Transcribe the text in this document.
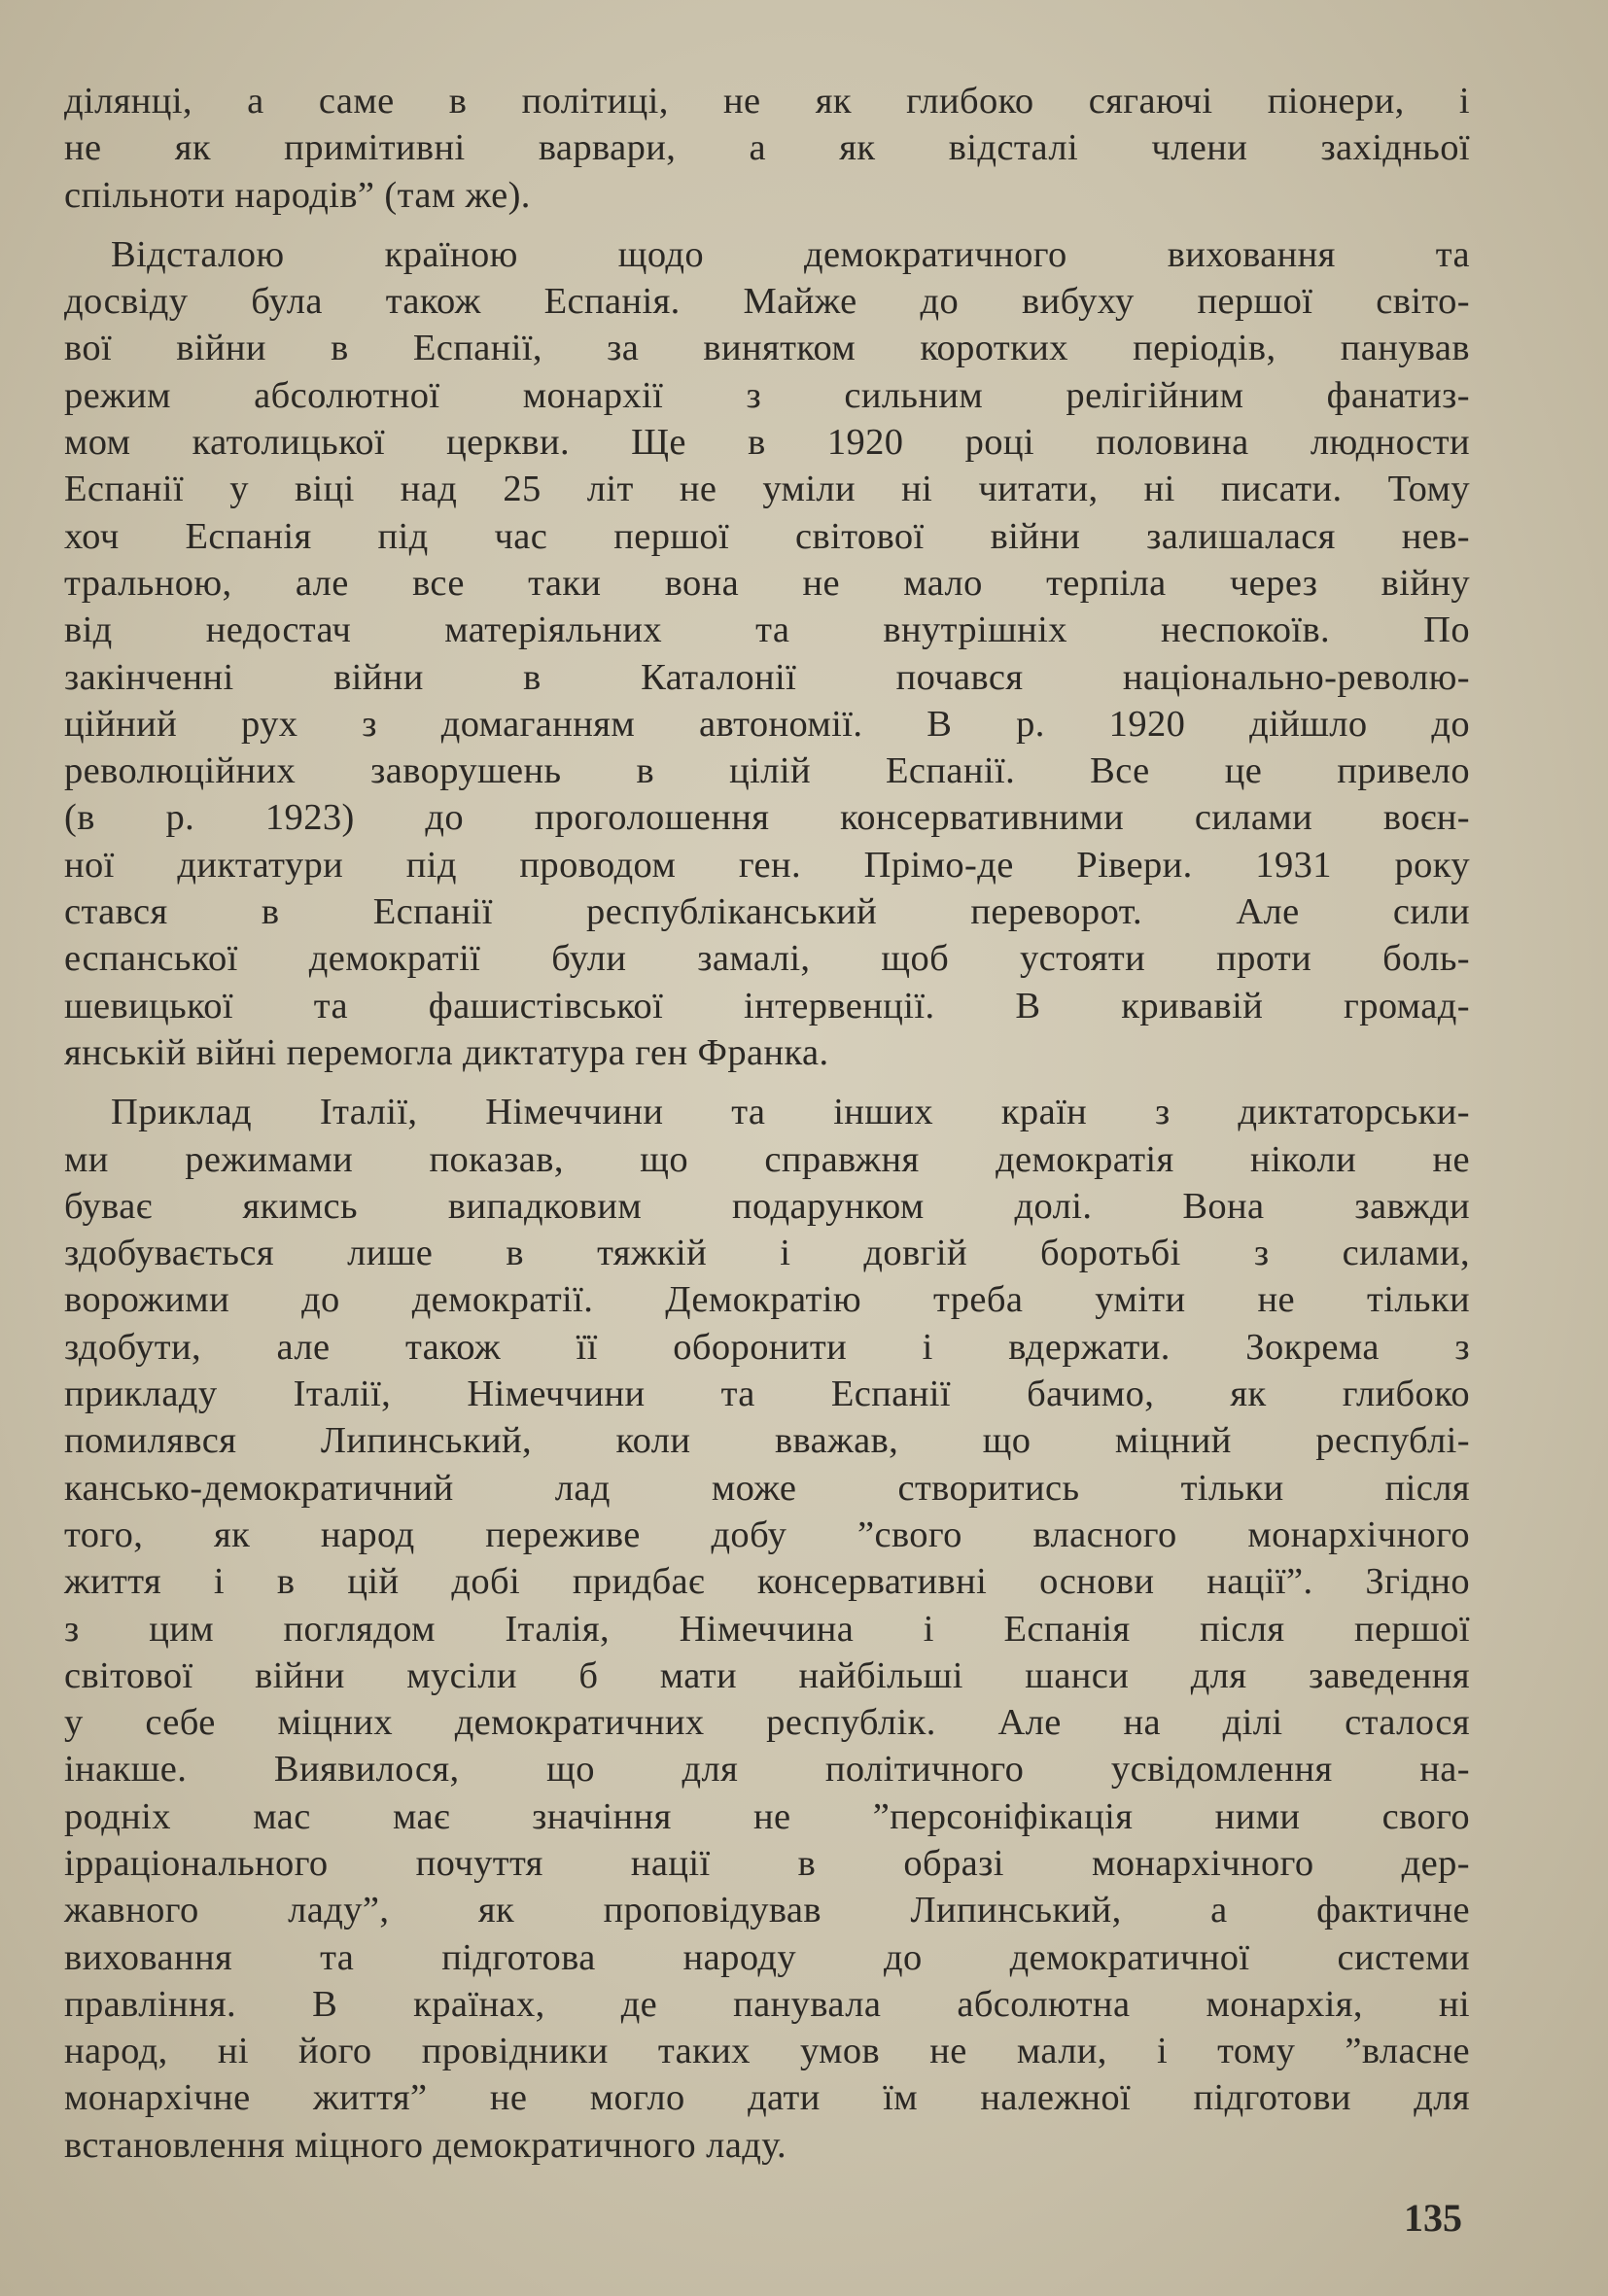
ділянці, а саме в політиці, не як глибоко сягаючі піонери, і
не як примітивні варвари, а як відсталі члени західньої
спільноти народів” (там же).
Відсталою країною щодо демократичного виховання та
досвіду була також Еспанія. Майже до вибуху першої світо-
вої війни в Еспанії, за винятком коротких періодів, панував
режим абсолютної монархії з сильним релігійним фанатиз-
мом католицької церкви. Ще в 1920 році половина людности
Еспанії у віці над 25 літ не уміли ні читати, ні писати. Тому
хоч Еспанія під час першої світової війни залишалася нев-
тральною, але все таки вона не мало терпіла через війну
від недостач матеріяльних та внутрішніх неспокоїв. По
закінченні війни в Каталонії почався національно-револю-
ційний рух з домаганням автономії. В р. 1920 дійшло до
революційних заворушень в цілій Еспанії. Все це привело
(в р. 1923) до проголошення консервативними силами воєн-
ної диктатури під проводом ген. Прімо-де Рівери. 1931 року
стався в Еспанії республіканський переворот. Але сили
еспанської демократії були замалі, щоб устояти проти боль-
шевицької та фашистівської інтервенції. В кривавій громад-
янській війні перемогла диктатура ген Франка.
Приклад Італії, Німеччини та інших країн з диктаторськи-
ми режимами показав, що справжня демократія ніколи не
буває якимсь випадковим подарунком долі. Вона завжди
здобувається лише в тяжкій і довгій боротьбі з силами,
ворожими до демократії. Демократію треба уміти не тільки
здобути, але також її оборонити і вдержати. Зокрема з
прикладу Італії, Німеччини та Еспанії бачимо, як глибоко
помилявся Липинський, коли вважав, що міцний республі-
кансько-демократичний лад може створитись тільки після
того, як народ переживе добу ”свого власного монархічного
життя і в цій добі придбає консервативні основи нації”. Згідно
з цим поглядом Італія, Німеччина і Еспанія після першої
світової війни мусіли б мати найбільші шанси для заведення
у себе міцних демократичних республік. Але на ділі сталося
інакше. Виявилося, що для політичного усвідомлення на-
родніх мас має значіння не ”персоніфікація ними свого
ірраціонального почуття нації в образі монархічного дер-
жавного ладу”, як проповідував Липинський, а фактичне
виховання та підготова народу до демократичної системи
правління. В країнах, де панувала абсолютна монархія, ні
народ, ні його провідники таких умов не мали, і тому ”власне
монархічне життя” не могло дати їм належної підготови для
встановлення міцного демократичного ладу.
135
